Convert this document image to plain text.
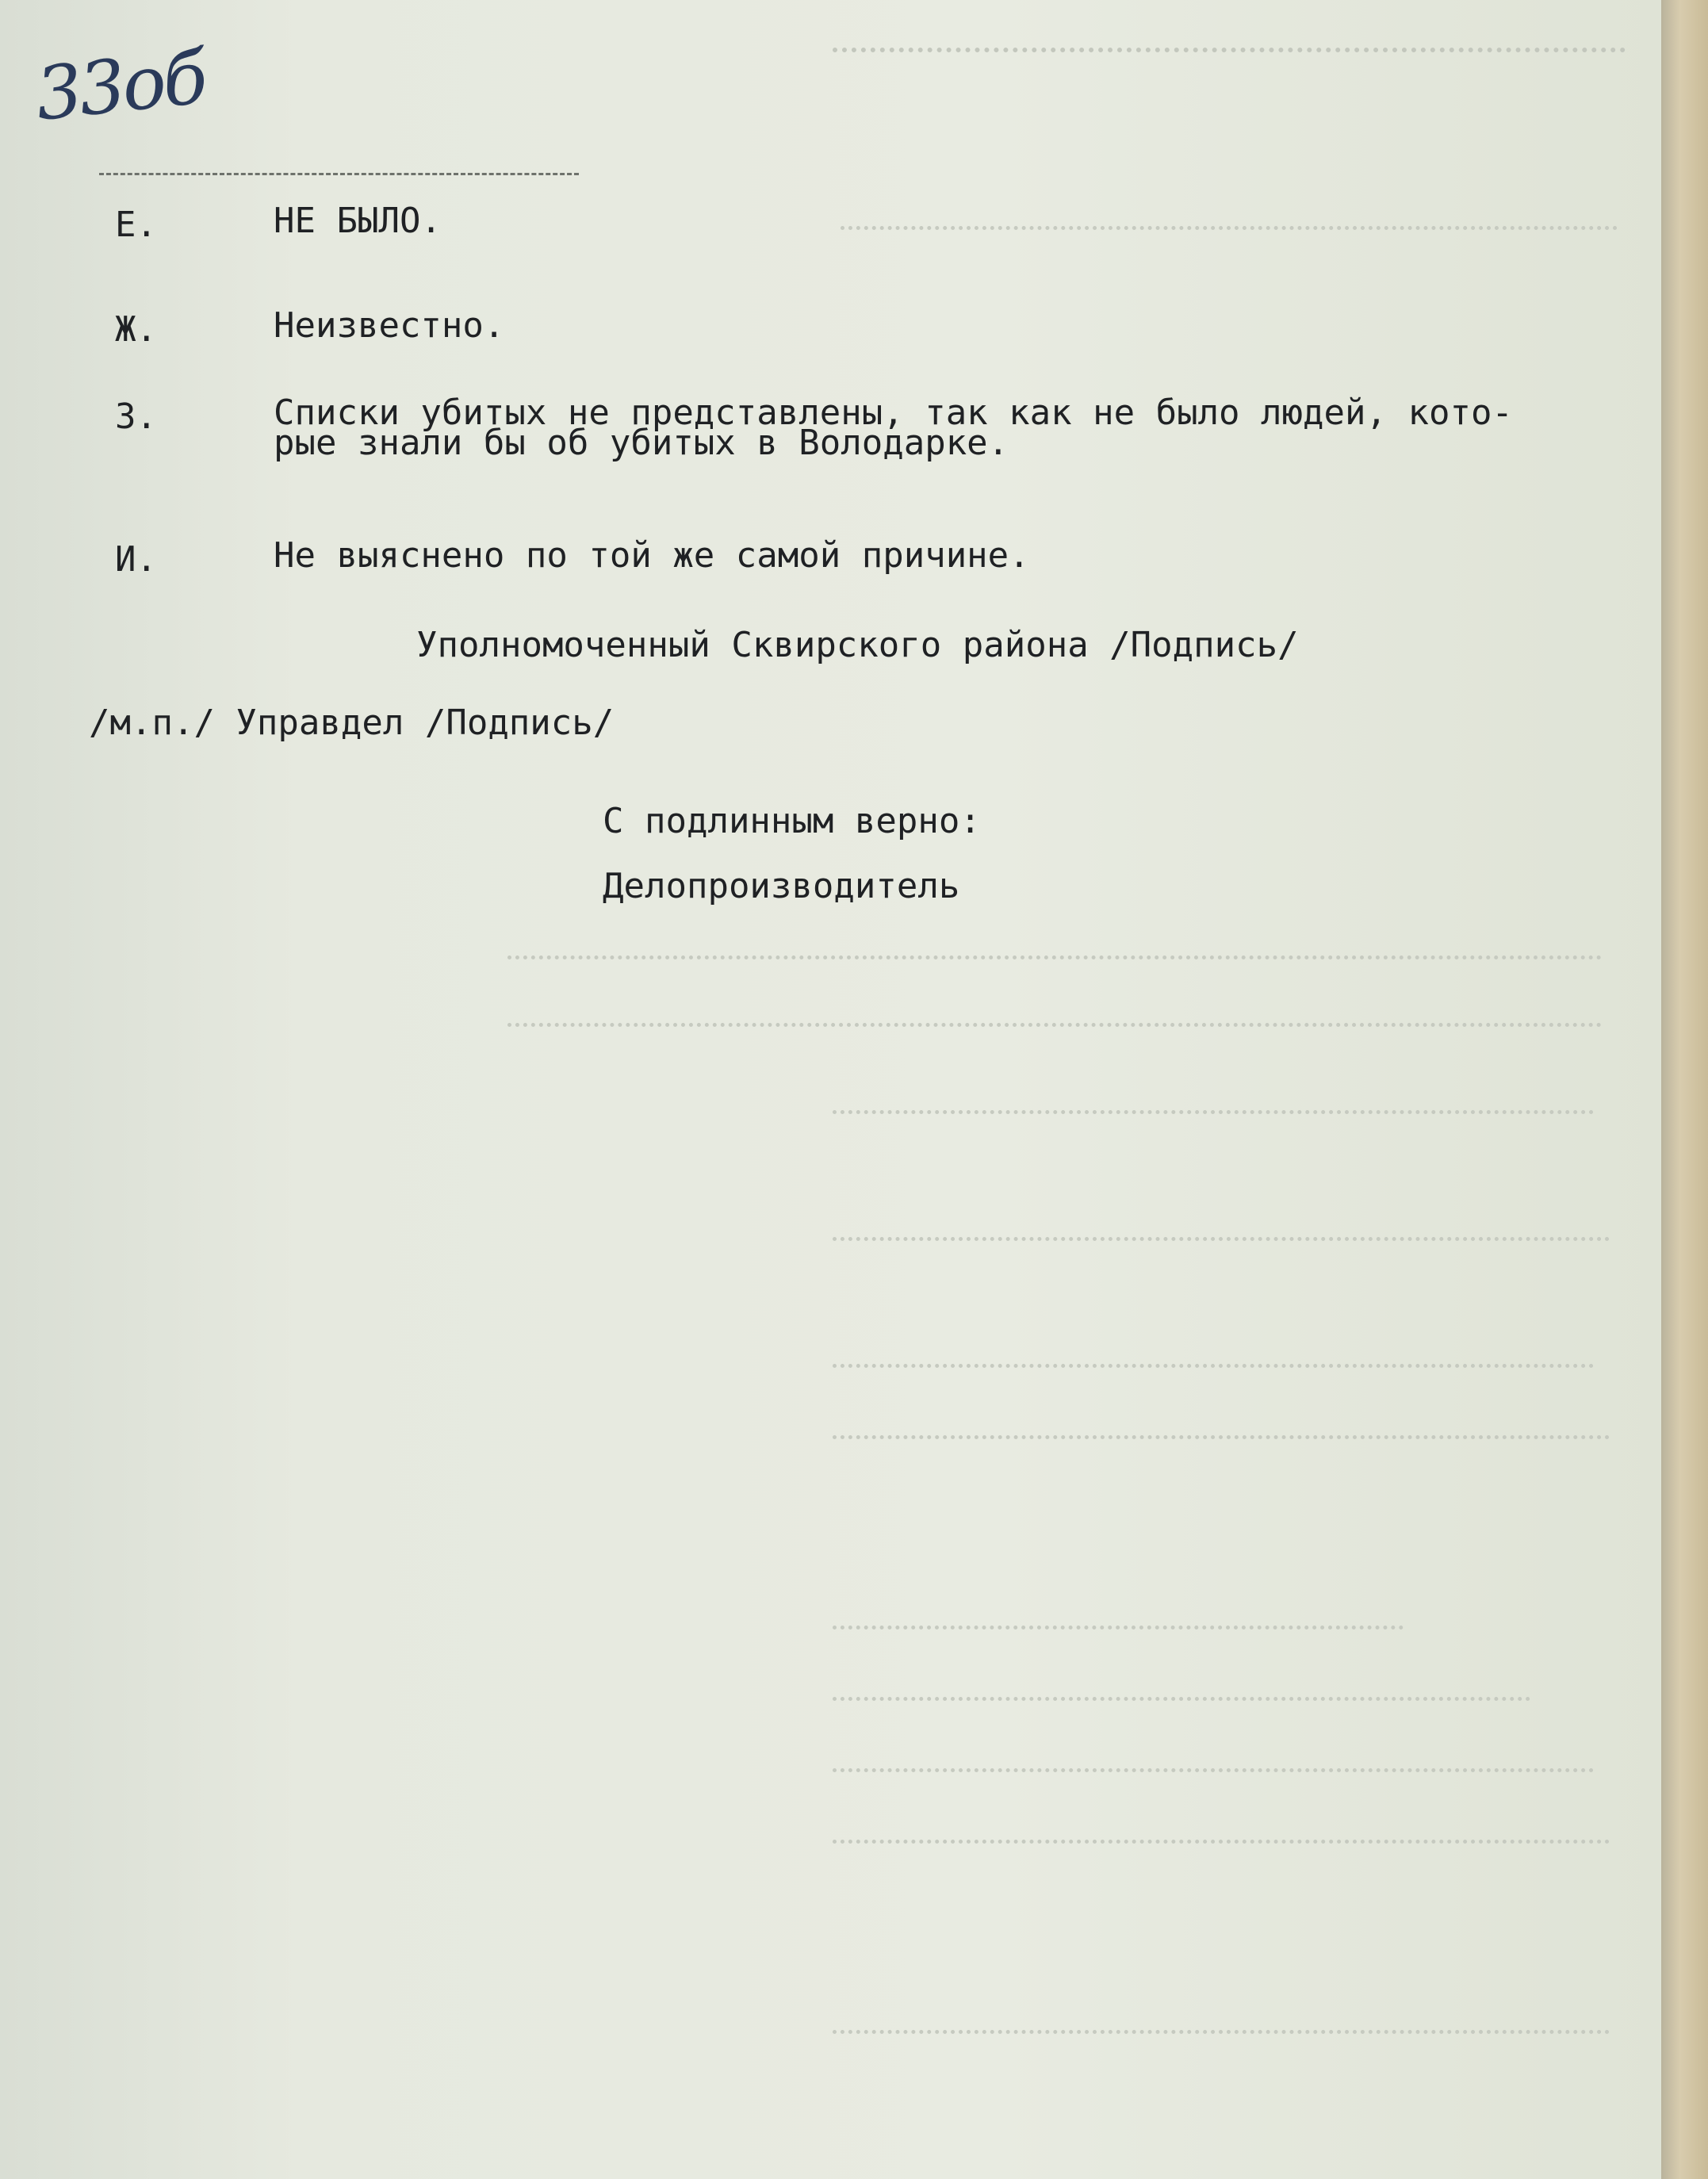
33об

Е.

	НЕ БЫЛО.

Ж.

	Неизвестно.

З.

	Списки убитых не представлены, так как не было людей, кото-

рые знали бы об убитых в Володарке.

И.

	Не выяснено по той же самой причине.

Уполномоченный Сквирского района /Подпись/
/м.п./ Управдел /Подпись/
С подлинным верно:
Делопроизводитель
